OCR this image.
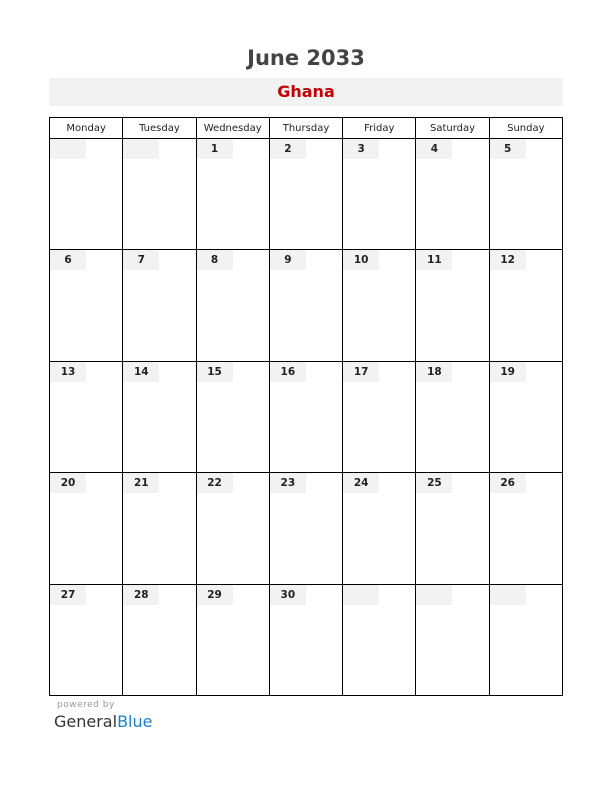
June 2033
Ghana
Monday	Tuesday	Wednesday	Thursday	Friday	Saturday	Sunday

		1	2	3	4	5

6	7	8	9	10	11	12

13	14	15	16	17	18	19

20	21	22	23	24	25	26

27	28	29	30			

powered by
GeneralBlue
